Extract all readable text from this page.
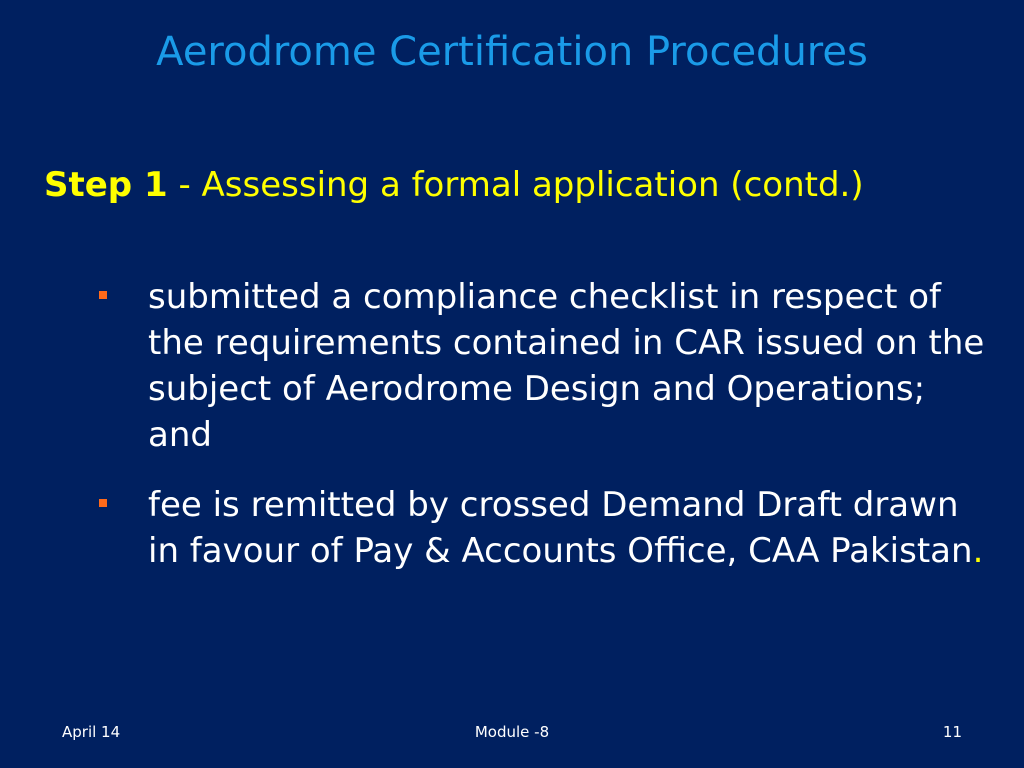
Aerodrome Certification Procedures
Step 1 - Assessing a formal application (contd.)
submitted a compliance checklist in respect of the requirements contained in CAR issued on the subject of Aerodrome Design and Operations; and
fee is remitted by crossed Demand Draft drawn in favour of Pay & Accounts Office, CAA Pakistan.
April 14	Module -8	11
